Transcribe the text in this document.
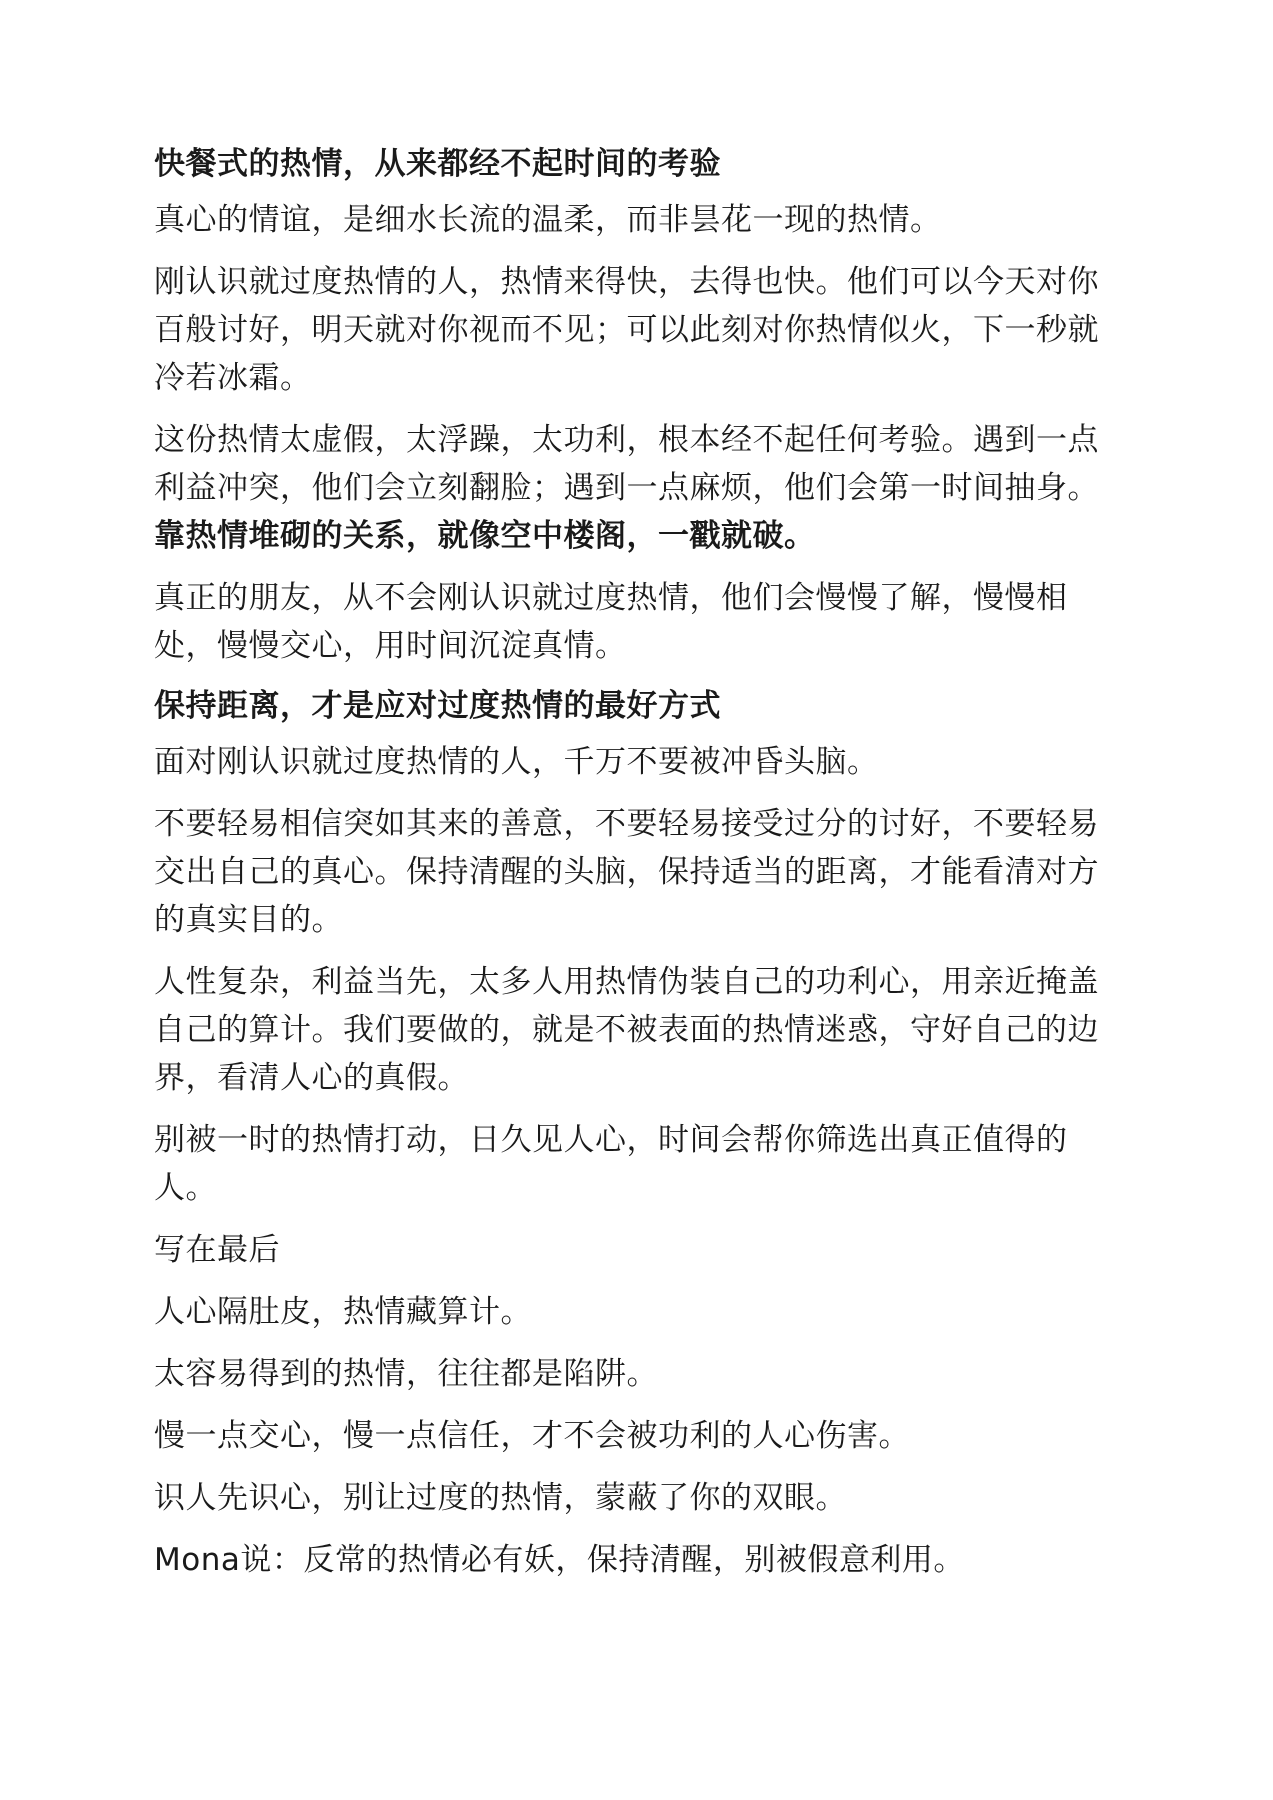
快餐式的热情，从来都经不起时间的考验
真心的情谊，是细水长流的温柔，而非昙花一现的热情。
刚认识就过度热情的人，热情来得快，去得也快。他们可以今天对你百般讨好，明天就对你视而不见；可以此刻对你热情似火，下一秒就冷若冰霜。
这份热情太虚假，太浮躁，太功利，根本经不起任何考验。遇到一点利益冲突，他们会立刻翻脸；遇到一点麻烦，他们会第一时间抽身。靠热情堆砌的关系，就像空中楼阁，一戳就破。
真正的朋友，从不会刚认识就过度热情，他们会慢慢了解，慢慢相处，慢慢交心，用时间沉淀真情。
保持距离，才是应对过度热情的最好方式
面对刚认识就过度热情的人，千万不要被冲昏头脑。
不要轻易相信突如其来的善意，不要轻易接受过分的讨好，不要轻易交出自己的真心。保持清醒的头脑，保持适当的距离，才能看清对方的真实目的。
人性复杂，利益当先，太多人用热情伪装自己的功利心，用亲近掩盖自己的算计。我们要做的，就是不被表面的热情迷惑，守好自己的边界，看清人心的真假。
别被一时的热情打动，日久见人心，时间会帮你筛选出真正值得的人。
写在最后
人心隔肚皮，热情藏算计。
太容易得到的热情，往往都是陷阱。
慢一点交心，慢一点信任，才不会被功利的人心伤害。
识人先识心，别让过度的热情，蒙蔽了你的双眼。
Mona说：反常的热情必有妖，保持清醒，别被假意利用。
